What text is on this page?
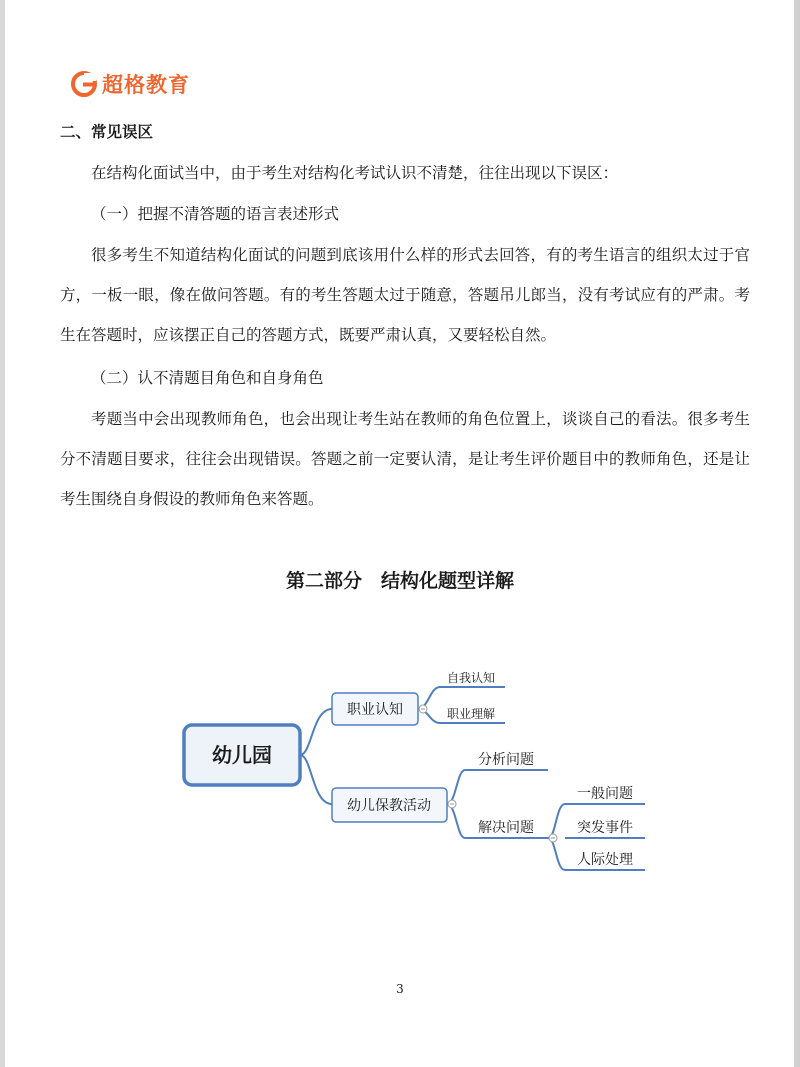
超格教育

二、常见误区

在结构化面试当中，由于考生对结构化考试认识不清楚，往往出现以下误区：

（一）把握不清答题的语言表述形式

很多考生不知道结构化面试的问题到底该用什么样的形式去回答，有的考生语言的组织太过于官方，一板一眼，像在做问答题。有的考生答题太过于随意，答题吊儿郎当，没有考试应有的严肃。考生在答题时，应该摆正自己的答题方式，既要严肃认真，又要轻松自然。

（二）认不清题目角色和自身角色

考题当中会出现教师角色，也会出现让考生站在教师的角色位置上，谈谈自己的看法。很多考生分不清题目要求，往往会出现错误。答题之前一定要认清，是让考生评价题目中的教师角色，还是让考生围绕自身假设的教师角色来答题。

第二部分　结构化题型详解

幼儿园
职业认知
幼儿保教活动
自我认知
职业理解
分析问题
解决问题
一般问题
突发事件
人际处理
3
